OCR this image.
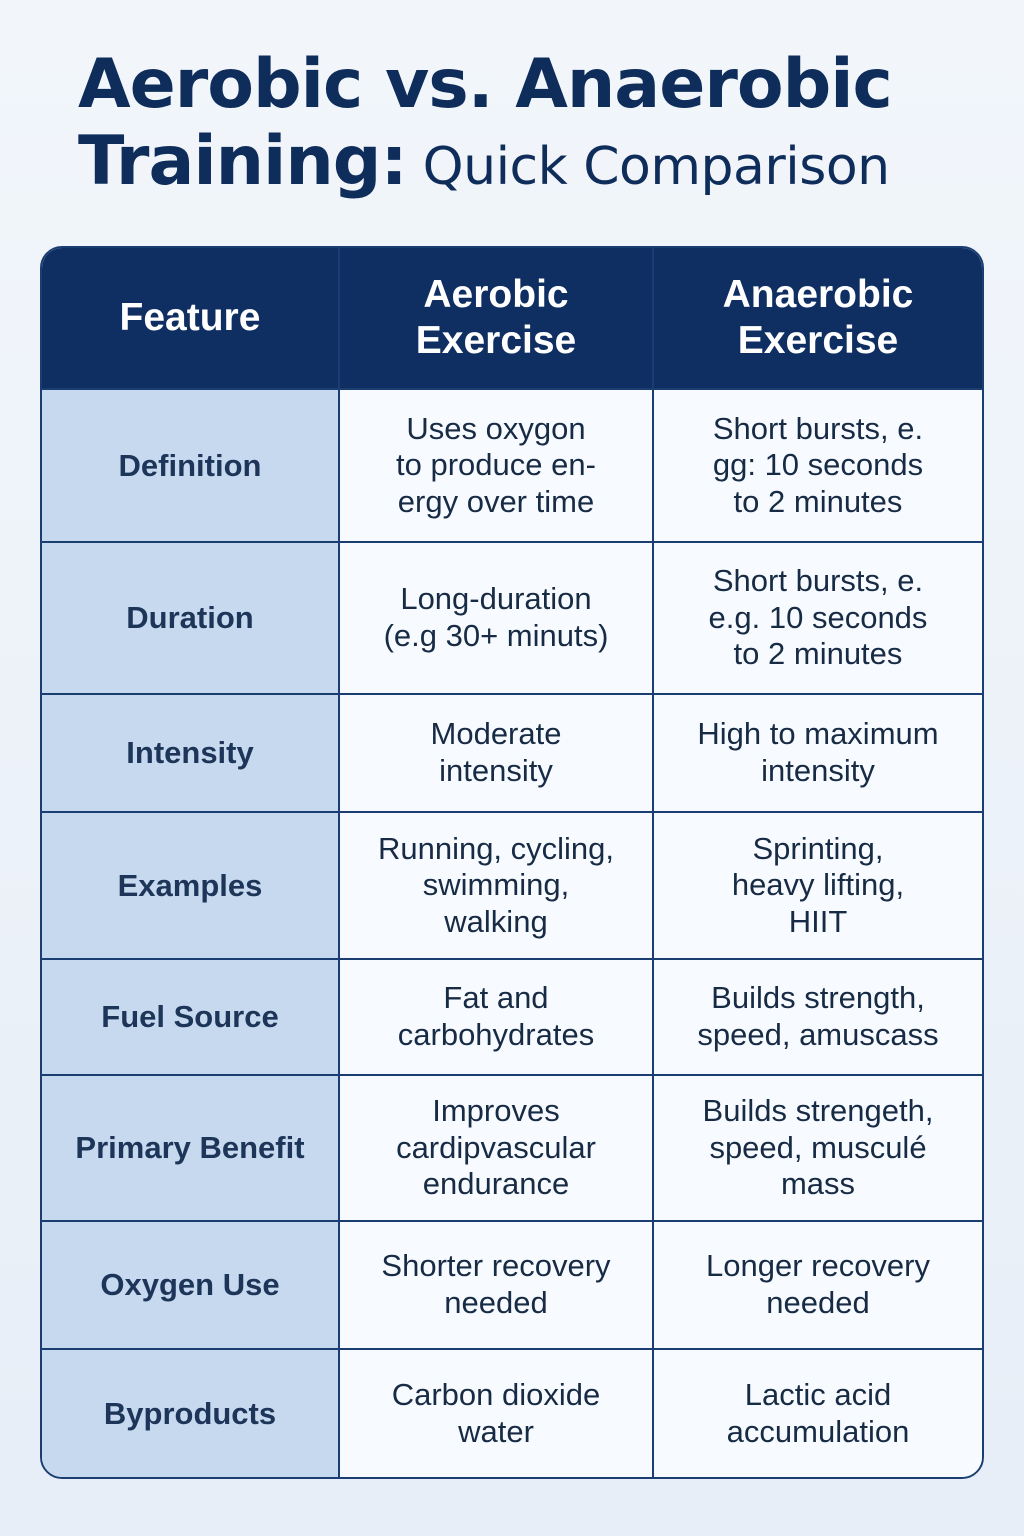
Aerobic vs. Anaerobic
Training: Quick Comparison
Feature
Aerobic
Exercise
Anaerobic
Exercise
Definition
Uses oxygon
to produce en-
ergy over time
Short bursts, e.
gg: 10 seconds
to 2 minutes
Duration
Long-duration
(e.g 30+ minuts)
Short bursts, e.
e.g. 10 seconds
to 2 minutes
Intensity
Moderate
intensity
High to maximum
intensity
Examples
Running, cycling,
swimming,
walking
Sprinting,
heavy lifting,
HIIT
Fuel Source
Fat and
carbohydrates
Builds strength,
speed, amuscass
Primary Benefit
Improves
cardipvascular
endurance
Builds strengeth,
speed, musculé mass
Oxygen Use
Shorter recovery
needed
Longer recovery
needed
Byproducts
Carbon dioxide
water
Lactic acid
accumulation
